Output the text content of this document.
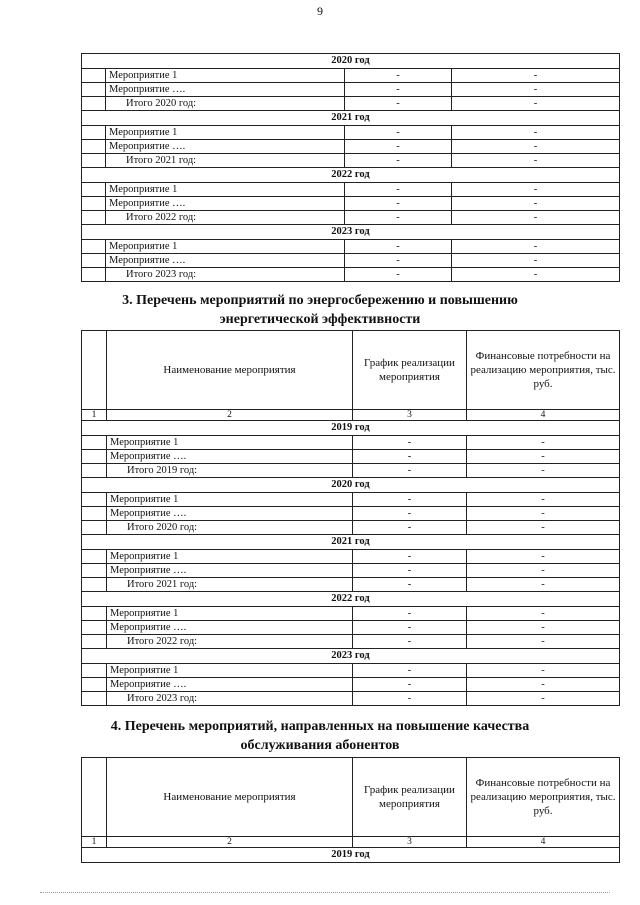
9

2020 год			
	Мероприятие 1	-	-
	Мероприятие ….	-	-
	Итого 2020 год:	-	-
2021 год			
	Мероприятие 1	-	-
	Мероприятие ….	-	-
	Итого 2021 год:	-	-
2022 год			
	Мероприятие 1	-	-
	Мероприятие ….	-	-
	Итого 2022 год:	-	-
2023 год			
	Мероприятие 1	-	-
	Мероприятие ….	-	-
	Итого 2023 год:	-	-
3. Перечень мероприятий по энергосбережению и повышению
энергетической эффективности
	Наименование мероприятия	График реализации мероприятия	Финансовые потребности на реализацию мероприятия, тыс. руб.
1	2	3	4
2019 год			
	Мероприятие 1	-	-
	Мероприятие ….	-	-
	Итого 2019 год:	-	-
2020 год			
	Мероприятие 1	-	-
	Мероприятие ….	-	-
	Итого 2020 год:	-	-
2021 год			
	Мероприятие 1	-	-
	Мероприятие ….	-	-
	Итого 2021 год:	-	-
2022 год			
	Мероприятие 1	-	-
	Мероприятие ….	-	-
	Итого 2022 год:	-	-
2023 год			
	Мероприятие 1	-	-
	Мероприятие ….	-	-
	Итого 2023 год:	-	-
4. Перечень мероприятий, направленных на повышение качества
обслуживания абонентов
	Наименование мероприятия	График реализации мероприятия	Финансовые потребности на реализацию мероприятия, тыс. руб.
1	2	3	4
2019 год			
